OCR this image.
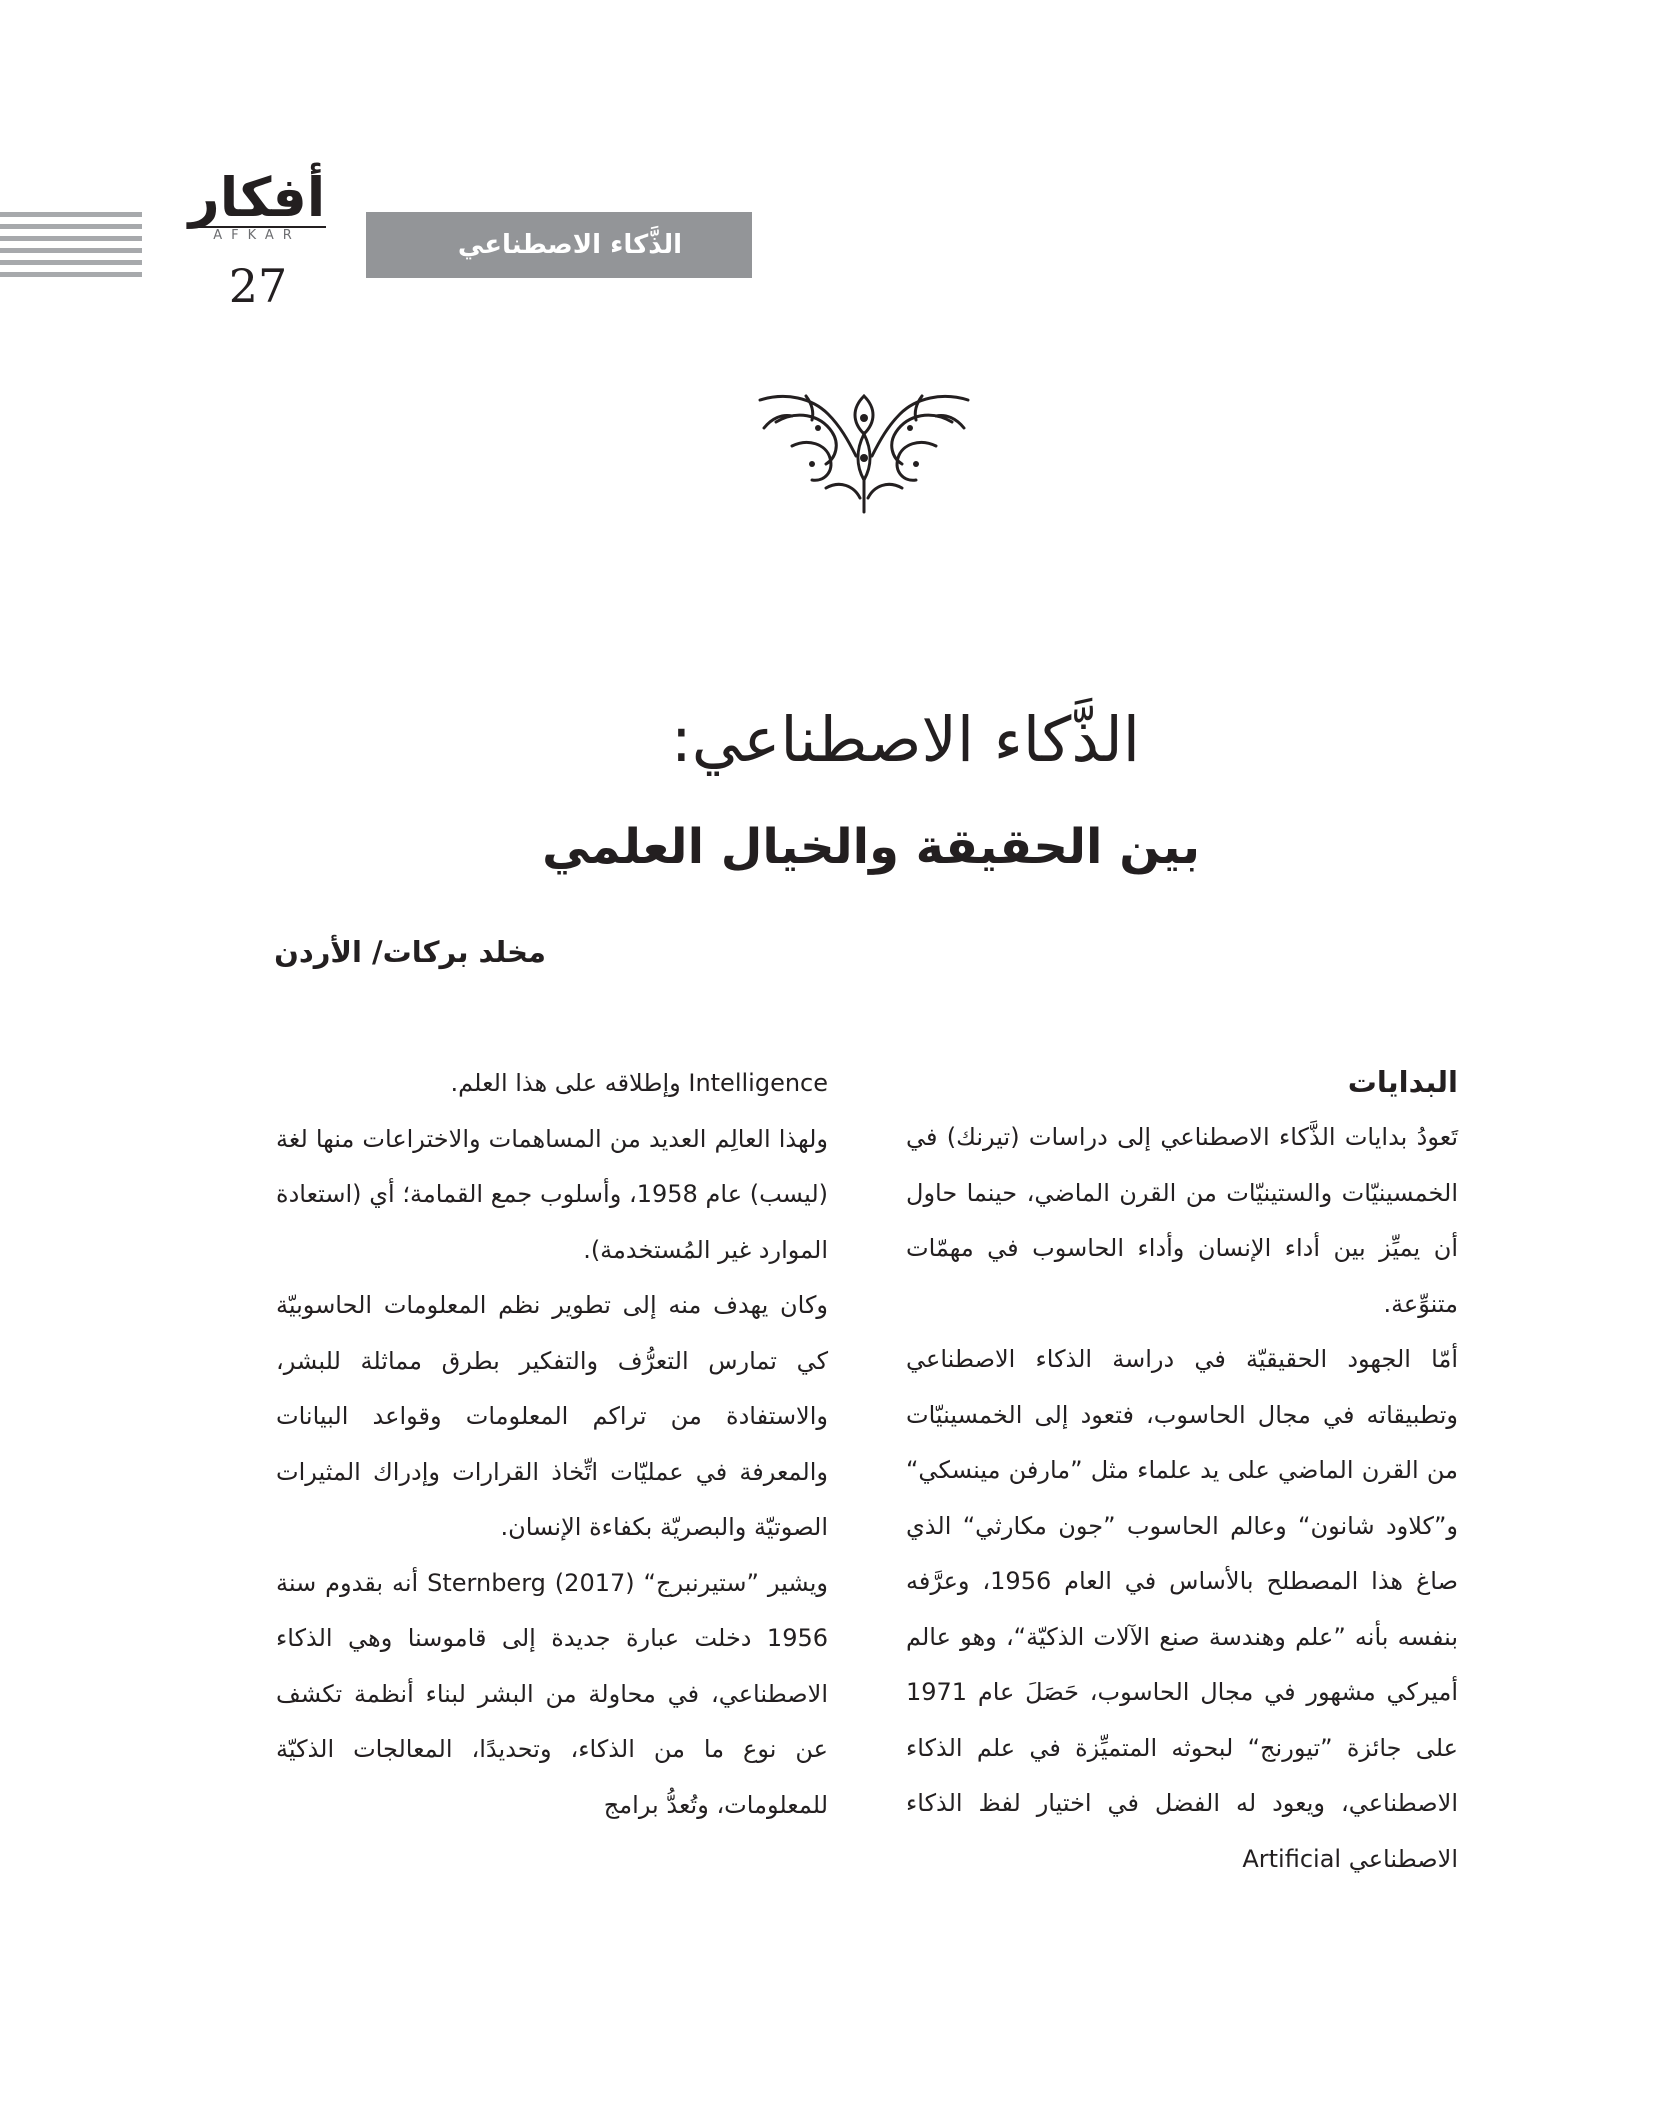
أفكار
AFKAR
27
الذَّكاء الاصطناعي
الذَّكاء الاصطناعي:
بين الحقيقة والخيال العلمي
مخلد بركات/ الأردن

البدايات

تَعودُ بدايات الذَّكاء الاصطناعي إلى دراسات (تيرنك) في الخمسينيّات والستينيّات من القرن الماضي، حينما حاول أن يميِّز بين أداء الإنسان وأداء الحاسوب في مهمّات متنوِّعة.

أمّا الجهود الحقيقيّة في دراسة الذكاء الاصطناعي وتطبيقاته في مجال الحاسوب، فتعود إلى الخمسينيّات من القرن الماضي على يد علماء مثل ”مارفن مينسكي“ و”كلاود شانون“ وعالم الحاسوب ”جون مكارثي“ الذي صاغ هذا المصطلح بالأساس في العام 1956، وعرَّفه بنفسه بأنه ”علم وهندسة صنع الآلات الذكيّة“، وهو عالم أميركي مشهور في مجال الحاسوب، حَصَلَ عام 1971 على جائزة ”تيورنج“ لبحوثه المتميِّزة في علم الذكاء الاصطناعي، ويعود له الفضل في اختيار لفظ الذكاء الاصطناعي Artificial

Intelligence وإطلاقه على هذا العلم.

ولهذا العالِم العديد من المساهمات والاختراعات منها لغة (ليسب) عام 1958، وأسلوب جمع القمامة؛ أي (استعادة الموارد غير المُستخدمة).

وكان يهدف منه إلى تطوير نظم المعلومات الحاسوبيّة كي تمارس التعرُّف والتفكير بطرق مماثلة للبشر، والاستفادة من تراكم المعلومات وقواعد البيانات والمعرفة في عمليّات اتِّخاذ القرارات وإدراك المثيرات الصوتيّة والبصريّة بكفاءة الإنسان.

ويشير ”ستيرنبرج“ Sternberg (2017) أنه بقدوم سنة 1956 دخلت عبارة جديدة إلى قاموسنا وهي الذكاء الاصطناعي، في محاولة من البشر لبناء أنظمة تكشف عن نوع ما من الذكاء، وتحديدًا، المعالجات الذكيّة للمعلومات، وتُعدُّ برامج
